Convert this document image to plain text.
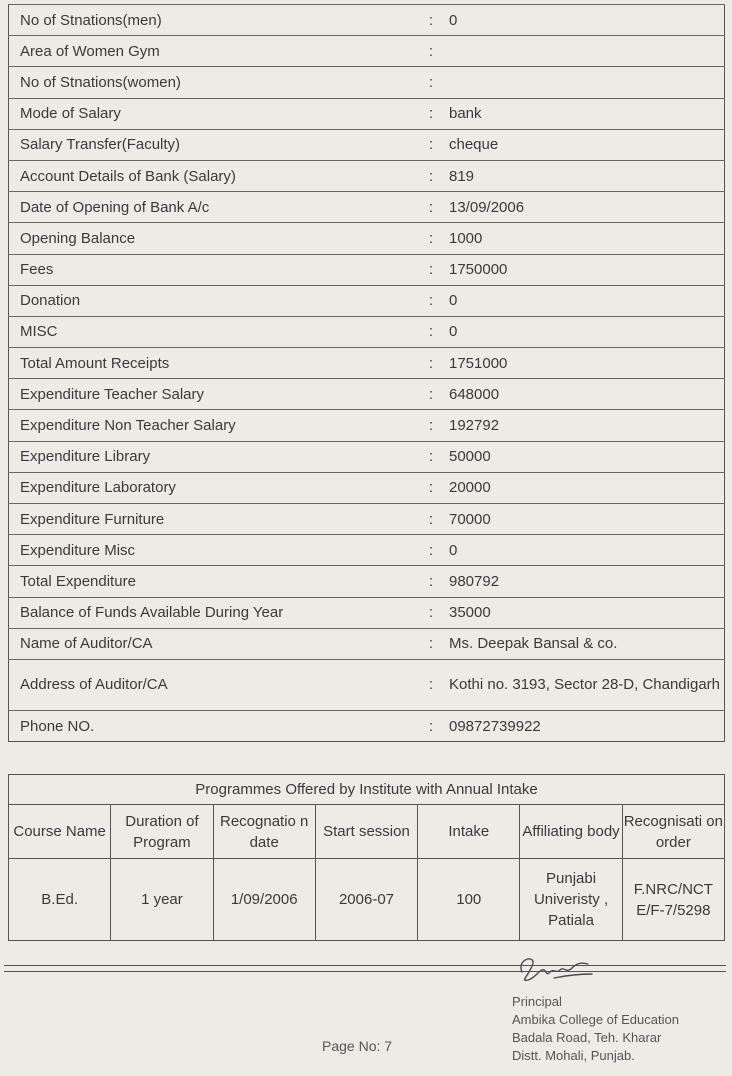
No of Stnations(men)	:	0
Area of Women Gym	:	
No of Stnations(women)	:	
Mode of Salary	:	bank
Salary Transfer(Faculty)	:	cheque
Account Details of Bank (Salary)	:	819
Date of Opening of Bank A/c	:	13/09/2006
Opening Balance	:	1000
Fees	:	1750000
Donation	:	0
MISC	:	0
Total Amount Receipts	:	1751000
Expenditure Teacher Salary	:	648000
Expenditure Non Teacher Salary	:	192792
Expenditure Library	:	50000
Expenditure Laboratory	:	20000
Expenditure Furniture	:	70000
Expenditure Misc	:	0
Total Expenditure	:	980792
Balance of Funds Available During Year	:	35000
Name of Auditor/CA	:	Ms. Deepak Bansal & co.
Address of Auditor/CA	:	Kothi no. 3193, Sector 28-D, Chandigarh
Phone NO.	:	09872739922
Programmes Offered by Institute with Annual Intake						
Course Name	Duration of Program	Recognatio n date	Start session	Intake	Affiliating body	Recognisati on order
B.Ed.	1 year	1/09/2006	2006-07	100	Punjabi Univeristy , Patiala	F.NRC/NCT E/F-7/5298
Principal
Ambika College of Education
Badala Road, Teh. Kharar
Distt. Mohali, Punjab.
Page No: 7
